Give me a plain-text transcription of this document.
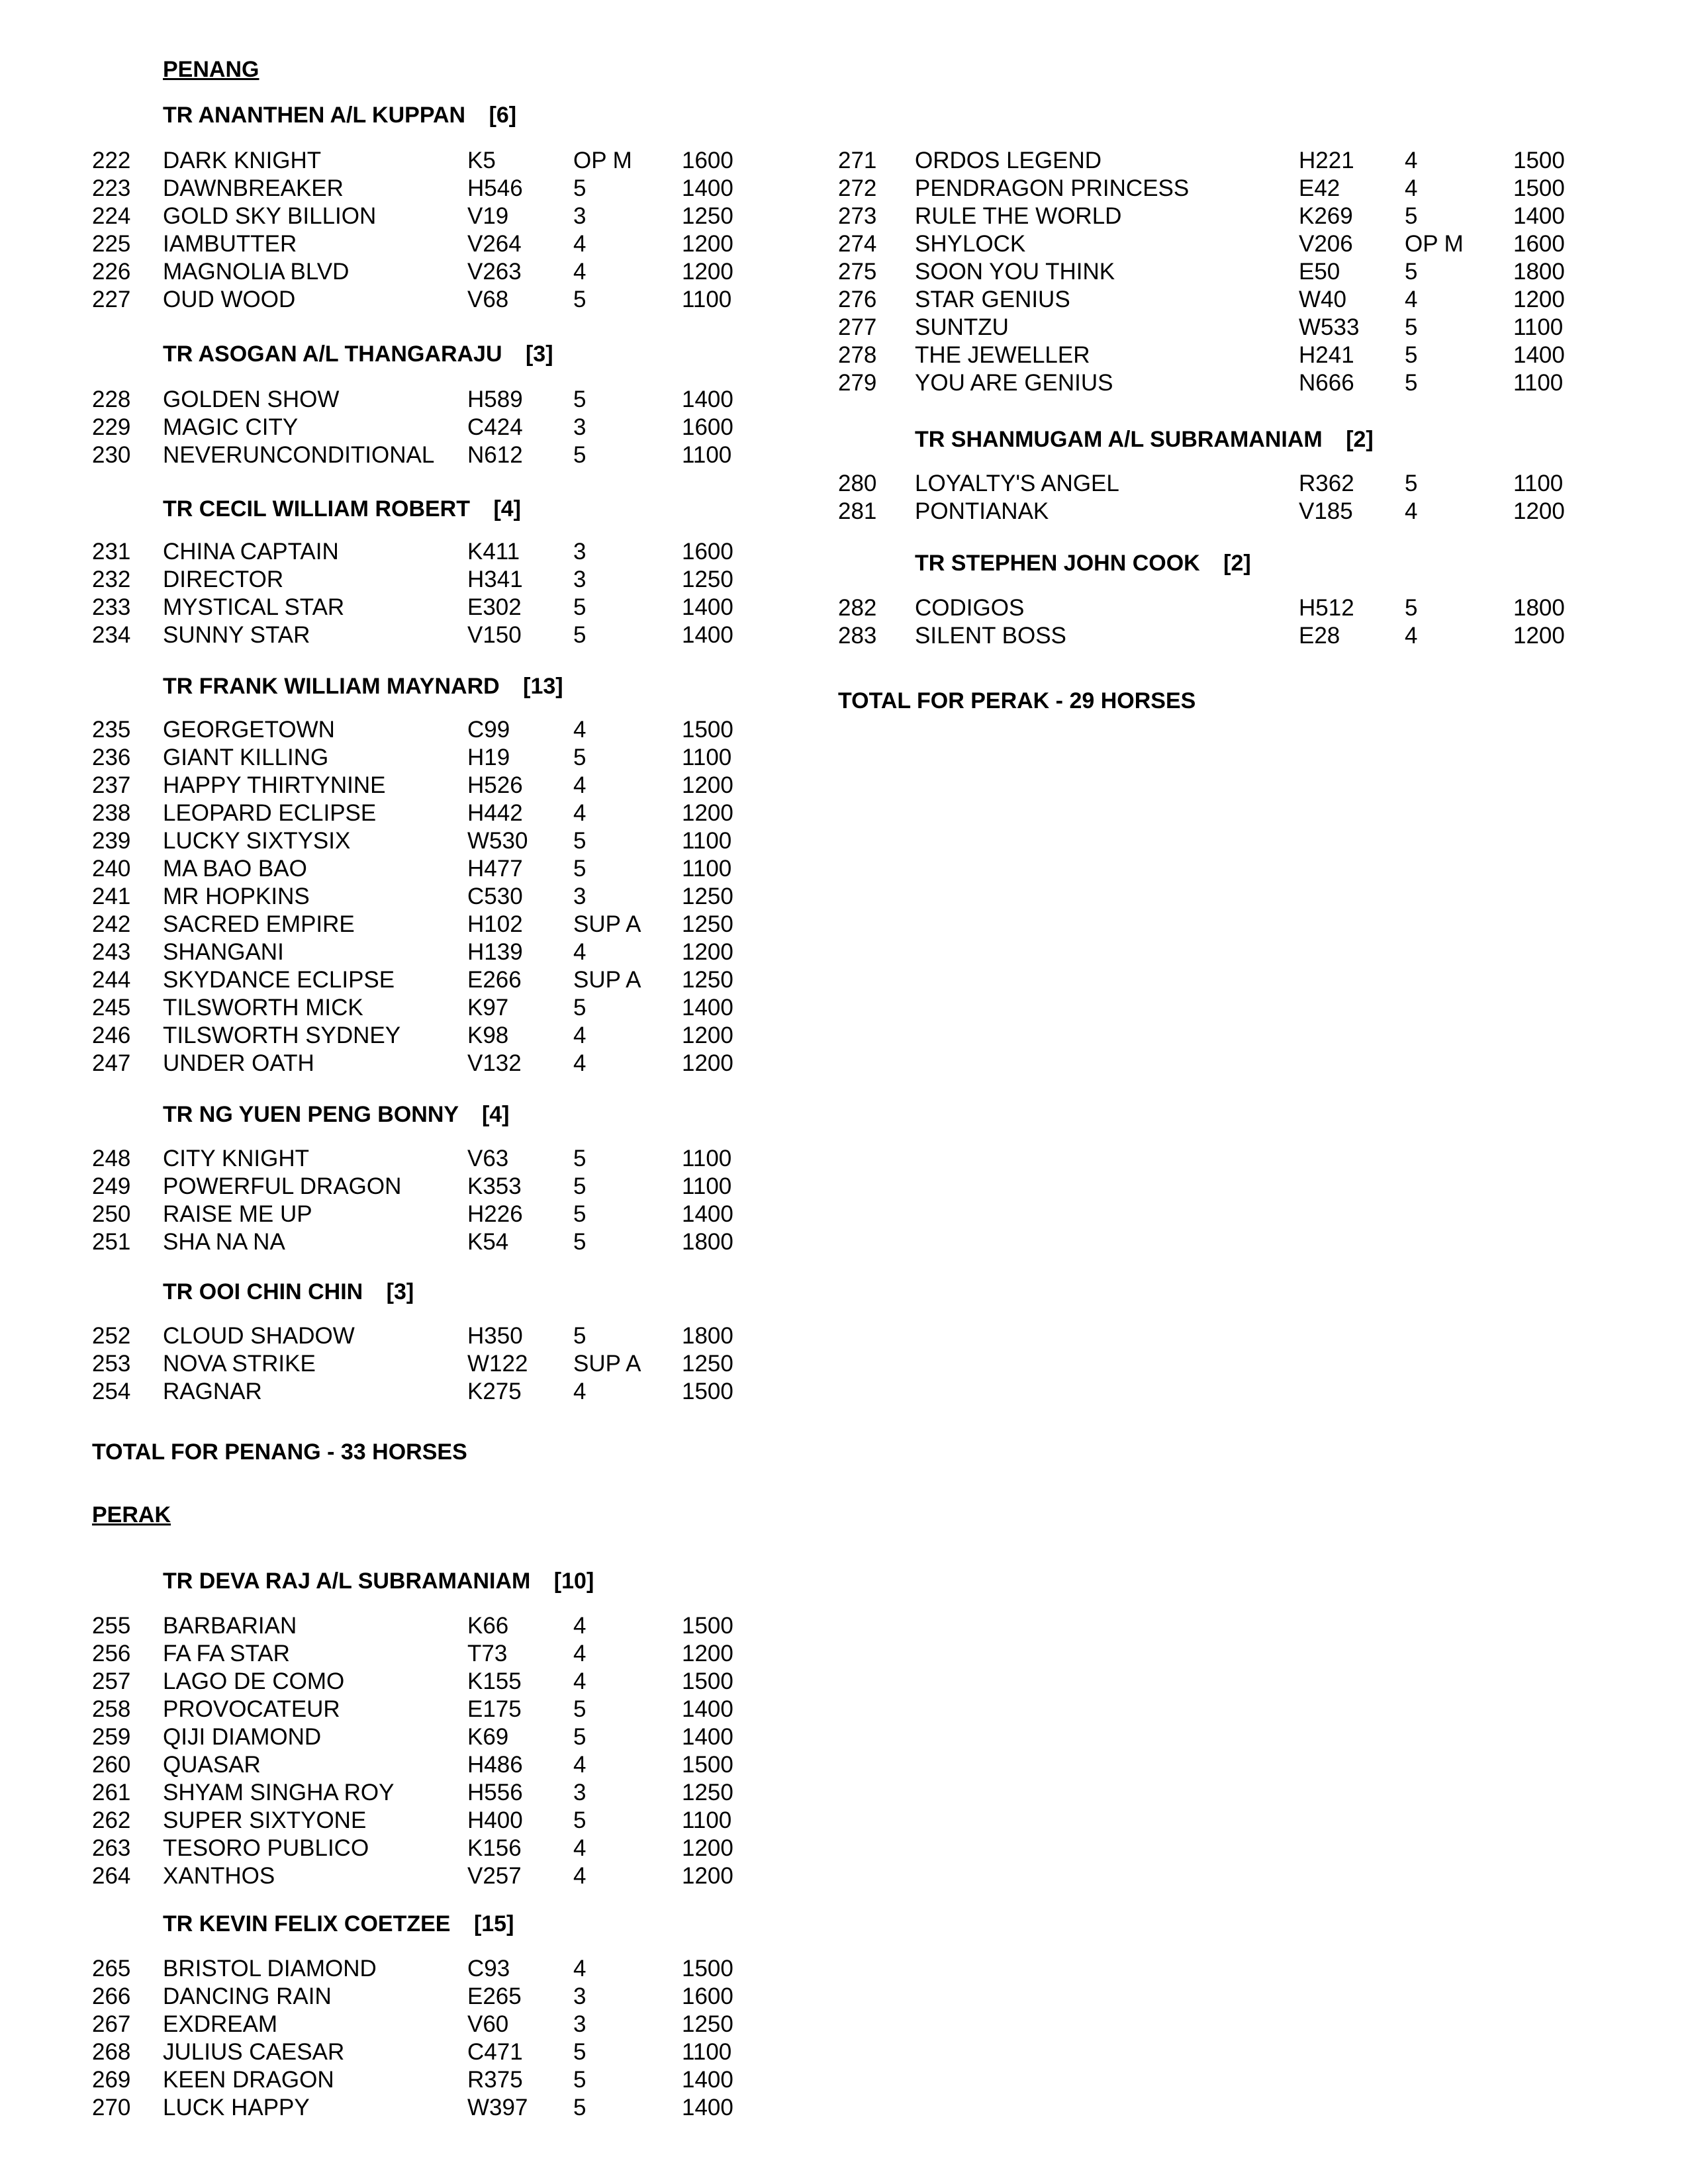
PENANG
TR ANANTHEN A/L KUPPAN [6]
222 DARK KNIGHT	K5	OP M 1600
223 DAWNBREAKER	H546 5	1400
224 GOLD SKY BILLION	V19	3	1250
225 IAMBUTTER	V264 4	1200
226 MAGNOLIA BLVD	V263 4	1200
227 OUD WOOD	V68	5	1100
TR ASOGAN A/L THANGARAJU [3]
228 GOLDEN SHOW	H589 5	1400
229 MAGIC CITY	C424 3	1600
230 NEVERUNCONDITIONAL N612 5	1100
TR CECIL WILLIAM ROBERT [4]
231 CHINA CAPTAIN	K411 3	1600
232 DIRECTOR	H341 3	1250
233 MYSTICAL STAR	E302 5	1400
234 SUNNY STAR	V150 5	1400
TR FRANK WILLIAM MAYNARD [13]
235 GEORGETOWN	C99	4	1500
236 GIANT KILLING	H19	5	1100
237 HAPPY THIRTYNINE	H526 4	1200
238 LEOPARD ECLIPSE	H442 4	1200
239 LUCKY SIXTYSIX	W530 5	1100
240 MA BAO BAO	H477 5	1100
241 MR HOPKINS	C530 3	1250
242 SACRED EMPIRE	H102 SUP A 1250
243 SHANGANI	H139 4	1200
244 SKYDANCE ECLIPSE	E266 SUP A 1250
245 TILSWORTH MICK	K97	5	1400
246 TILSWORTH SYDNEY	K98	4	1200
247 UNDER OATH	V132 4	1200
TR NG YUEN PENG BONNY [4]
248 CITY KNIGHT	V63	5	1100
249 POWERFUL DRAGON	K353 5	1100
250 RAISE ME UP	H226 5	1400
251 SHA NA NA	K54	5	1800
TR OOI CHIN CHIN [3]
252 CLOUD SHADOW	H350 5	1800
253 NOVA STRIKE	W122 SUP A 1250
254 RAGNAR	K275 4	1500
TOTAL FOR PENANG - 33 HORSES
PERAK
TR DEVA RAJ A/L SUBRAMANIAM [10]
255 BARBARIAN	K66	4	1500
256 FA FA STAR	T73	4	1200
257 LAGO DE COMO	K155 4	1500
258 PROVOCATEUR	E175 5	1400
259 QIJI DIAMOND	K69	5	1400
260 QUASAR	H486 4	1500
261 SHYAM SINGHA ROY	H556 3	1250
262 SUPER SIXTYONE	H400 5	1100
263 TESORO PUBLICO	K156 4	1200
264 XANTHOS	V257 4	1200
TR KEVIN FELIX COETZEE [15]
265 BRISTOL DIAMOND	C93	4	1500
266 DANCING RAIN	E265 3	1600
267 EXDREAM	V60	3	1250
268 JULIUS CAESAR	C471 5	1100
269 KEEN DRAGON	R375 5	1400
270 LUCK HAPPY	W397 5	1400
271 ORDOS LEGEND	H221 4	1500
272 PENDRAGON PRINCESS	E42	4	1500
273 RULE THE WORLD	K269 5	1400
274 SHYLOCK	V206 OP M 1600
275 SOON YOU THINK	E50	5	1800
276 STAR GENIUS	W40	4	1200
277 SUNTZU	W533 5	1100
278 THE JEWELLER	H241 5	1400
279 YOU ARE GENIUS	N666 5	1100
TR SHANMUGAM A/L SUBRAMANIAM [2]
280 LOYALTY'S ANGEL	R362 5	1100
281 PONTIANAK	V185 4	1200
TR STEPHEN JOHN COOK [2]
282 CODIGOS	H512 5	1800
283 SILENT BOSS	E28	4	1200
TOTAL FOR PERAK - 29 HORSES
